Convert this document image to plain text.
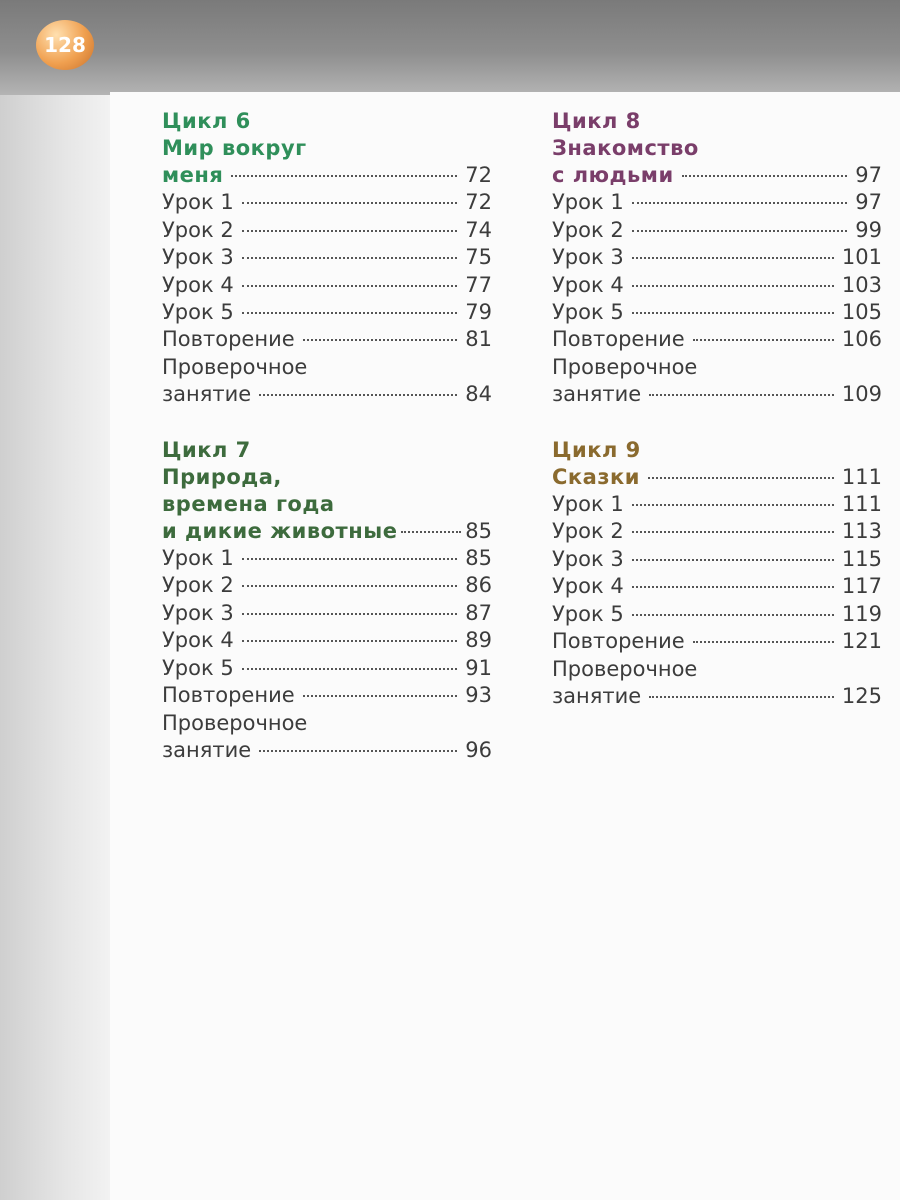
128
Цикл 6
Мир вокруг
меня	72
Урок 1	72
Урок 2	74
Урок 3	75
Урок 4	77
Урок 5	79
Повторение	81
Проверочное
занятие	84
Цикл 7
Природа,
времена года
и дикие животные	85
Урок 1	85
Урок 2	86
Урок 3	87
Урок 4	89
Урок 5	91
Повторение	93
Проверочное
занятие	96
Цикл 8
Знакомство
с людьми	97
Урок 1	97
Урок 2	99
Урок 3	101
Урок 4	103
Урок 5	105
Повторение	106
Проверочное
занятие	109
Цикл 9
Сказки	111
Урок 1	111
Урок 2	113
Урок 3	115
Урок 4	117
Урок 5	119
Повторение	121
Проверочное
занятие	125
